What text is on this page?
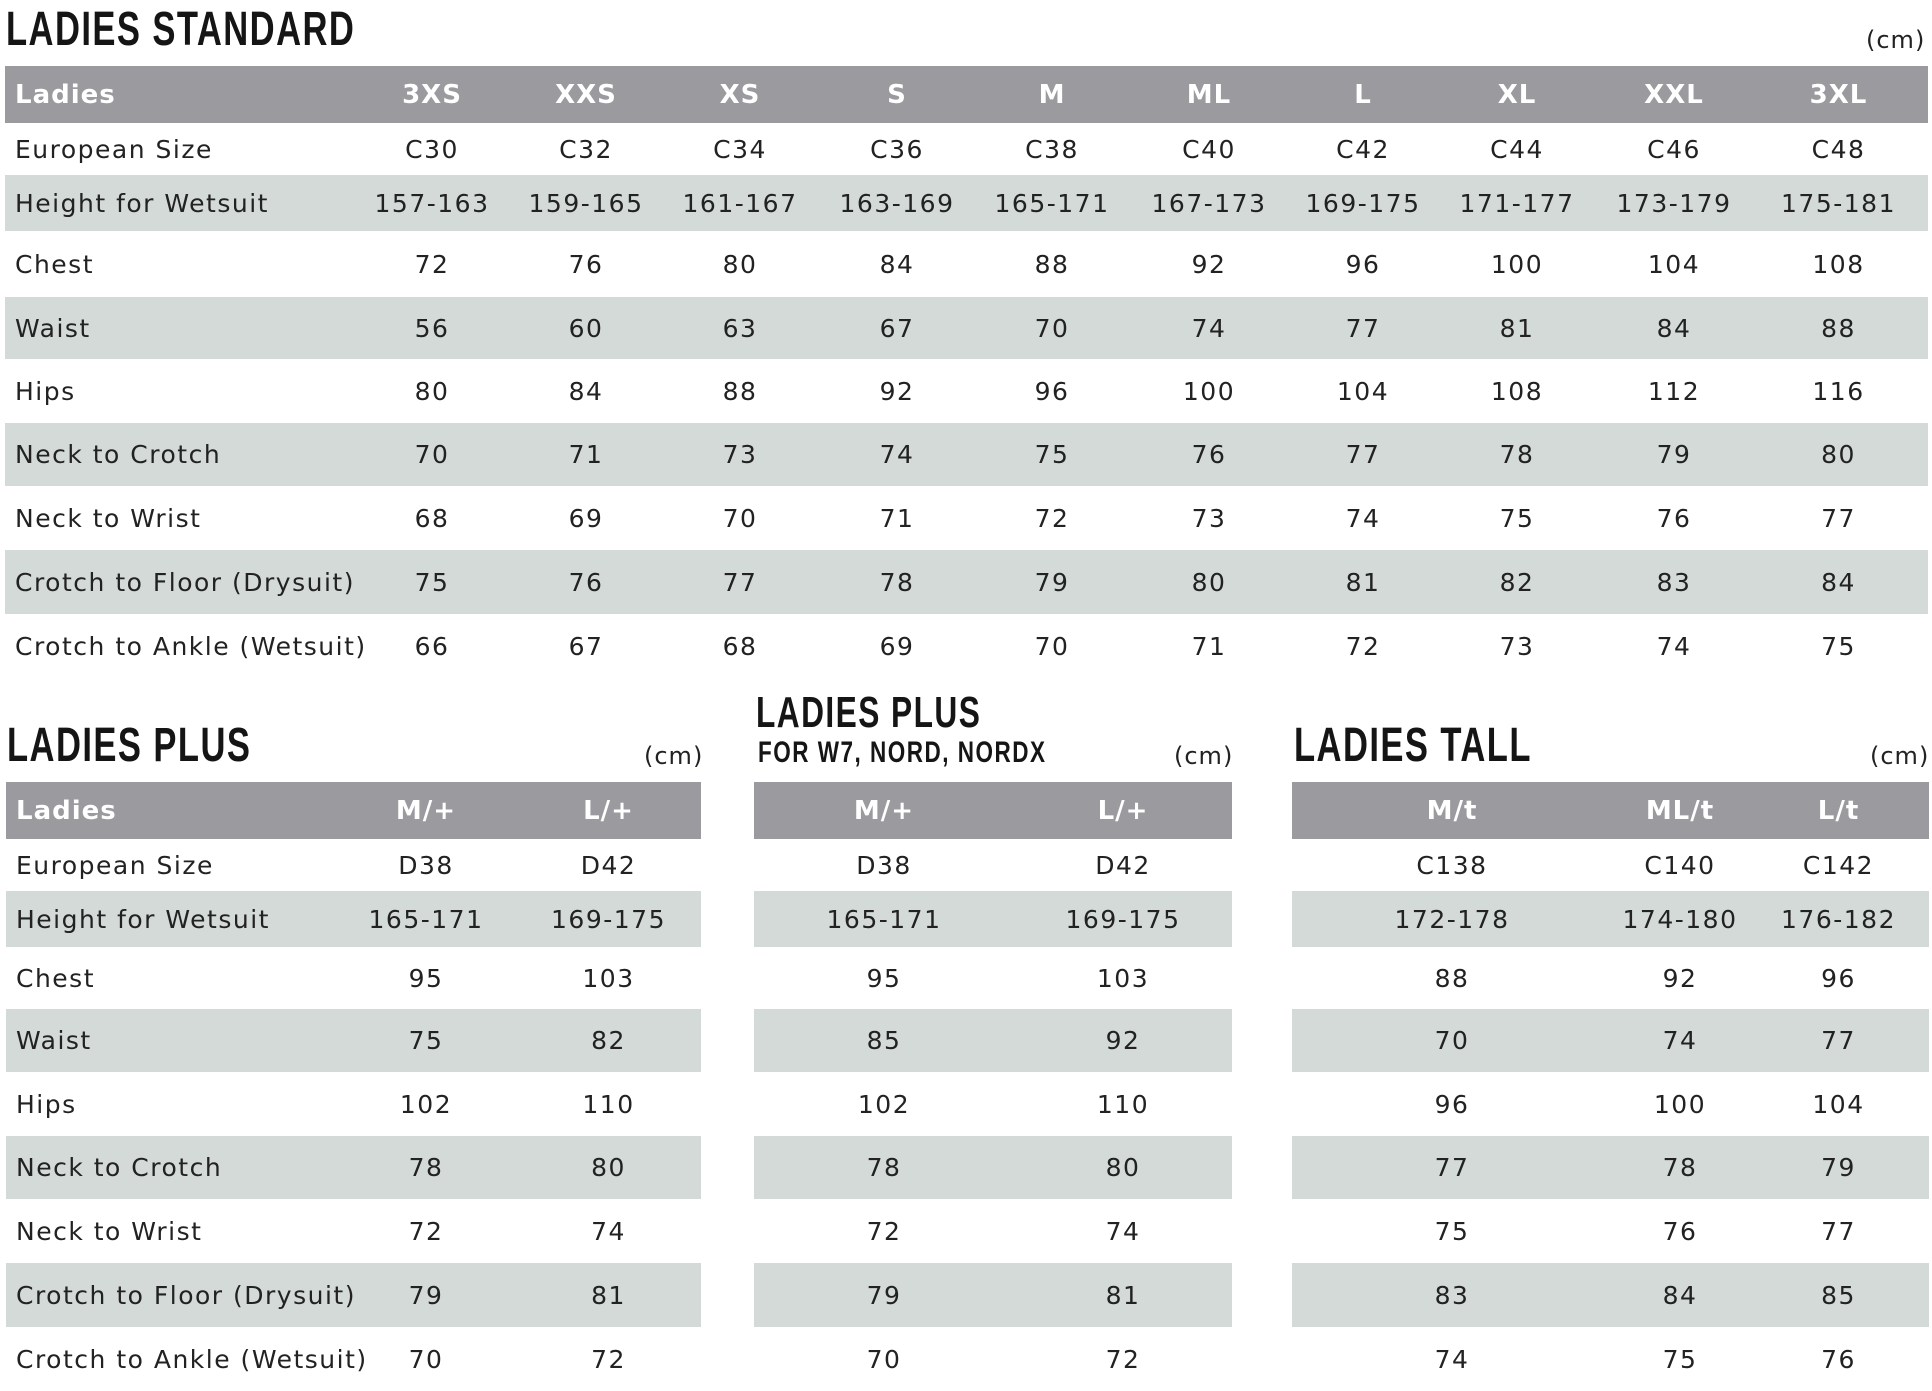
LADIES STANDARD	(cm)
Ladies	3XS	XXS	XS	S	M	ML	L	XL	XXL	3XL
European Size	C30	C32	C34	C36	C38	C40	C42	C44	C46	C48
Height for Wetsuit	157-163	159-165	161-167	163-169	165-171	167-173	169-175	171-177	173-179	175-181
Chest	72	76	80	84	88	92	96	100	104	108
Waist	56	60	63	67	70	74	77	81	84	88
Hips	80	84	88	92	96	100	104	108	112	116
Neck to Crotch	70	71	73	74	75	76	77	78	79	80
Neck to Wrist	68	69	70	71	72	73	74	75	76	77
Crotch to Floor (Drysuit)	75	76	77	78	79	80	81	82	83	84
Crotch to Ankle (Wetsuit)	66	67	68	69	70	71	72	73	74	75
LADIES PLUS	(cm)
Ladies	M/+	L/+
European Size	D38	D42
Height for Wetsuit	165-171	169-175
Chest	95	103
Waist	75	82
Hips	102	110
Neck to Crotch	78	80
Neck to Wrist	72	74
Crotch to Floor (Drysuit)	79	81
Crotch to Ankle (Wetsuit)	70	72
LADIES PLUS
FOR W7, NORD, NORDX	(cm)
M/+	L/+
D38	D42
165-171	169-175
95	103
85	92
102	110
78	80
72	74
79	81
70	72
LADIES TALL	(cm)
M/t	ML/t	L/t
C138	C140	C142
172-178	174-180	176-182
88	92	96
70	74	77
96	100	104
77	78	79
75	76	77
83	84	85
74	75	76
